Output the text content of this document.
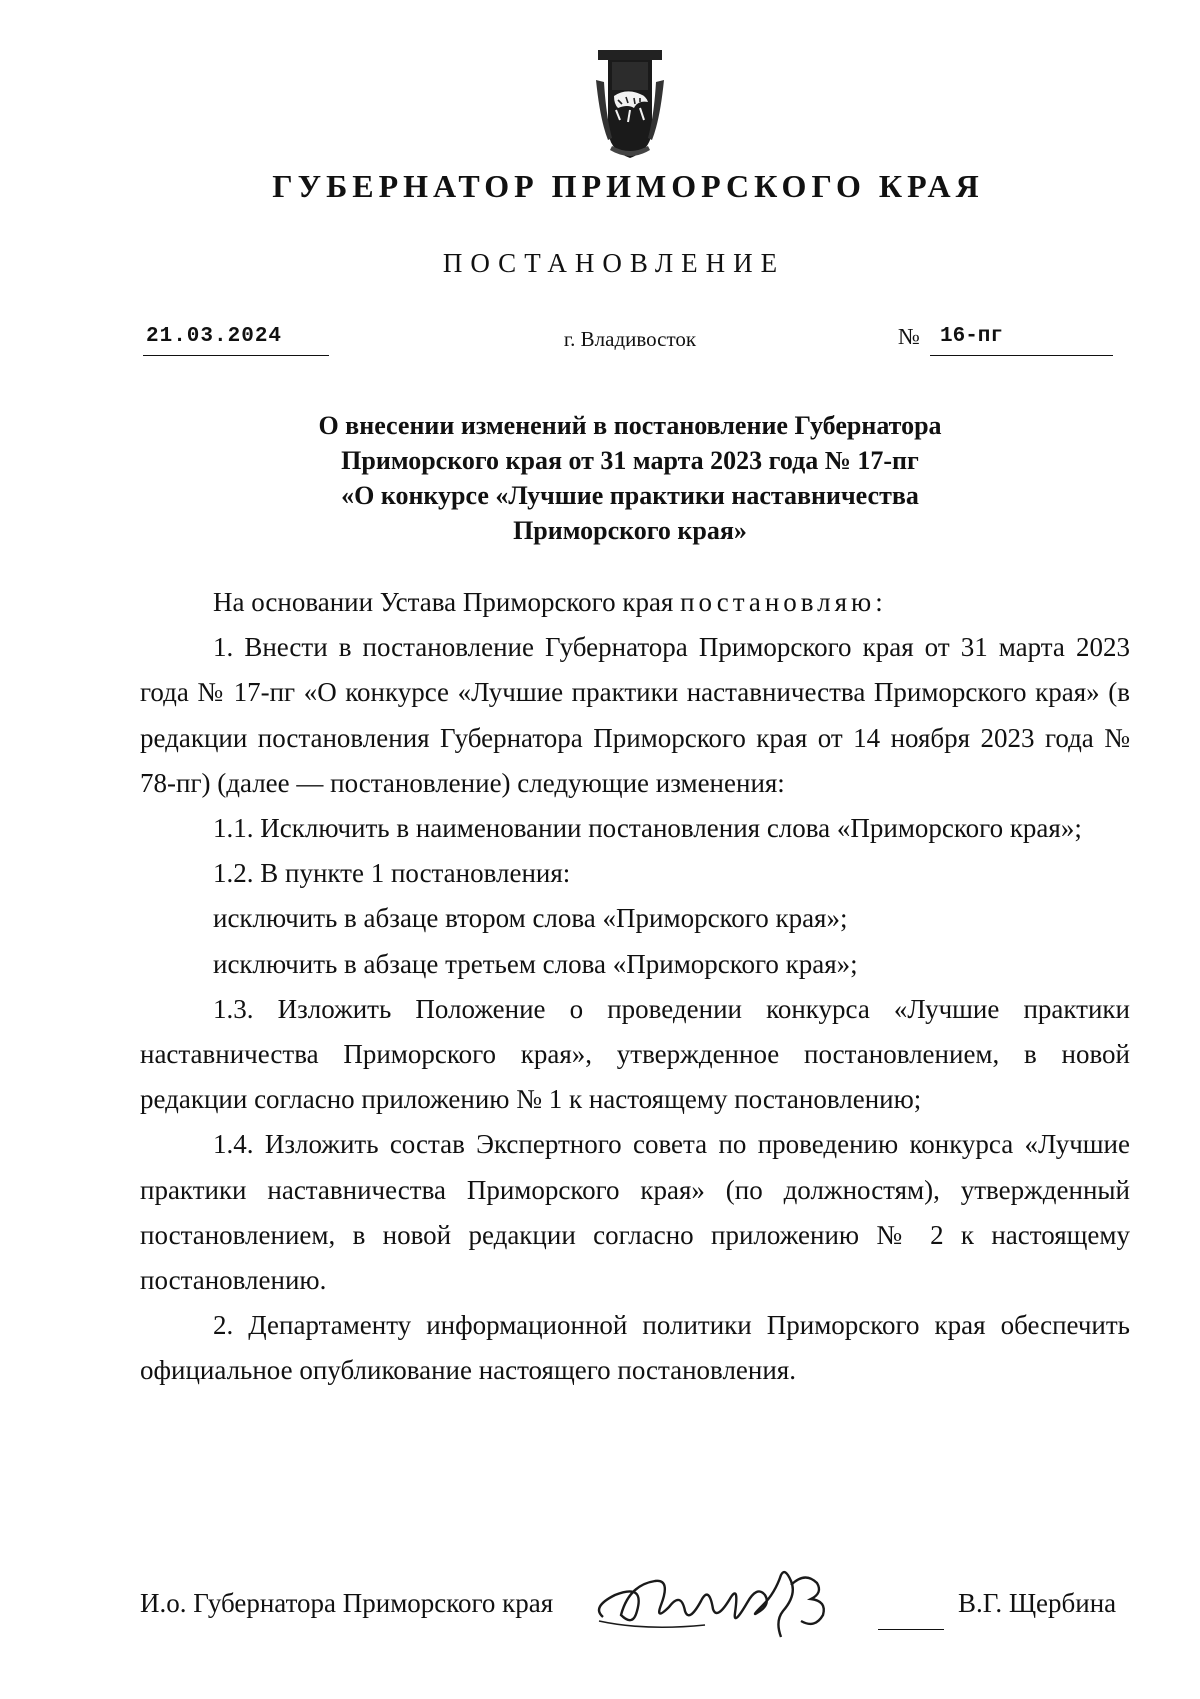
ГУБЕРНАТОР ПРИМОРСКОГО КРАЯ
ПОСТАНОВЛЕНИЕ
21.03.2024	г. Владивосток	№ 16-пг
О внесении изменений в постановление Губернатора
Приморского края от 31 марта 2023 года № 17-пг
«О конкурсе «Лучшие практики наставничества
Приморского края»

На основании Устава Приморского края постановляю:

1. Внести в постановление Губернатора Приморского края от 31 марта 2023 года № 17-пг «О конкурсе «Лучшие практики наставничества Приморского края» (в редакции постановления Губернатора Приморского края от 14 ноября 2023 года № 78-пг) (далее — постановление) следующие изменения:

1.1. Исключить в наименовании постановления слова «Приморского края»;

1.2. В пункте 1 постановления:

исключить в абзаце втором слова «Приморского края»;

исключить в абзаце третьем слова «Приморского края»;

1.3. Изложить Положение о проведении конкурса «Лучшие практики наставничества Приморского края», утвержденное постановлением, в новой редакции согласно приложению № 1 к настоящему постановлению;

1.4. Изложить состав Экспертного совета по проведению конкурса «Лучшие практики наставничества Приморского края» (по должностям), утвержденный постановлением, в новой редакции согласно приложению № 2 к настоящему постановлению.

2. Департаменту информационной политики Приморского края обеспечить официальное опубликование настоящего постановления.

И.о. Губернатора Приморского края	В.Г. Щербина
